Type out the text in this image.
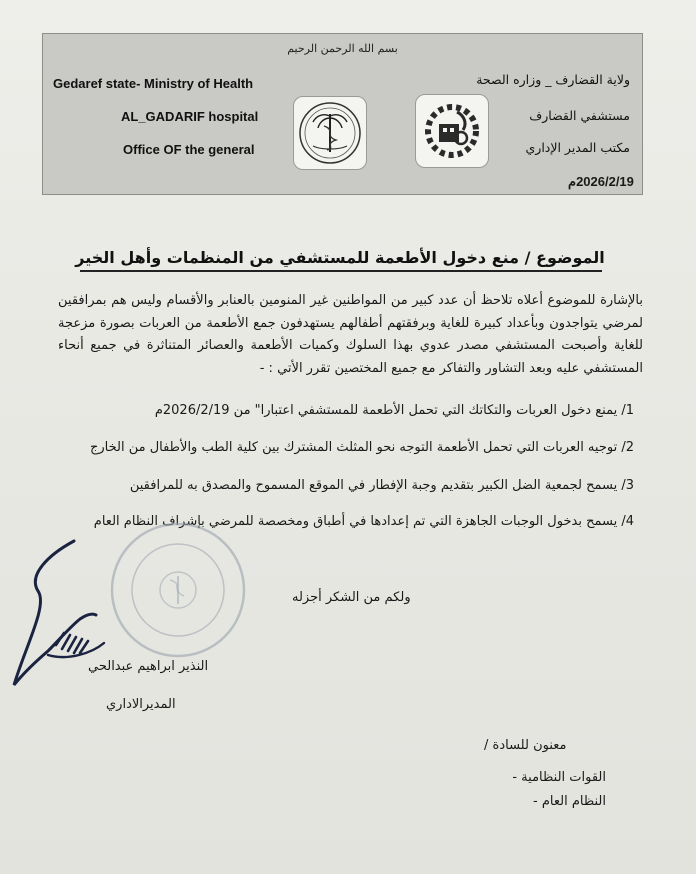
بسم الله الرحمن الرحيم
Gedaref state- Ministry of Health
AL_GADARIF hospital
Office OF the general
ولاية القضارف _ وزاره الصحة
مستشفي القضارف
مكتب المدير الإداري
2026/2/19م
الموضوع / منع دخول الأطعمة للمستشفي من المنظمات وأهل الخير
بالإشارة للموضوع أعلاه تلاحظ أن عدد كبير من المواطنين غير المنومين بالعنابر والأقسام وليس هم بمرافقين لمرضي يتواجدون وبأعداد كبيرة للغاية وبرفقتهم أطفالهم يستهدفون جمع الأطعمة من العربات بصورة مزعجة للغاية وأصبحت المستشفي مصدر عدوي بهذا السلوك وكميات الأطعمة والعصائر المتناثرة في جميع أنحاء المستشفي عليه وبعد التشاور والتفاكر مع جميع المختصين تقرر الأتي : -
1/ يمنع دخول العربات والتكاتك التي تحمل الأطعمة للمستشفي اعتبارا" من 2026/2/19م
2/ توجيه العربات التي تحمل الأطعمة التوجه نحو المثلث المشترك بين كلية الطب والأطفال من الخارج
3/ يسمح لجمعية الضل الكبير بتقديم وجبة الإفطار في الموقع المسموح والمصدق به للمرافقين
4/ يسمح بدخول الوجبات الجاهزة التي تم إعدادها في أطباق ومخصصة للمرضي بإشراف النظام العام
ولكم من الشكر أجزله
النذير ابراهيم عبدالحي
المديرالاداري
معنون للسادة /
القوات النظامية -
النظام العام -
